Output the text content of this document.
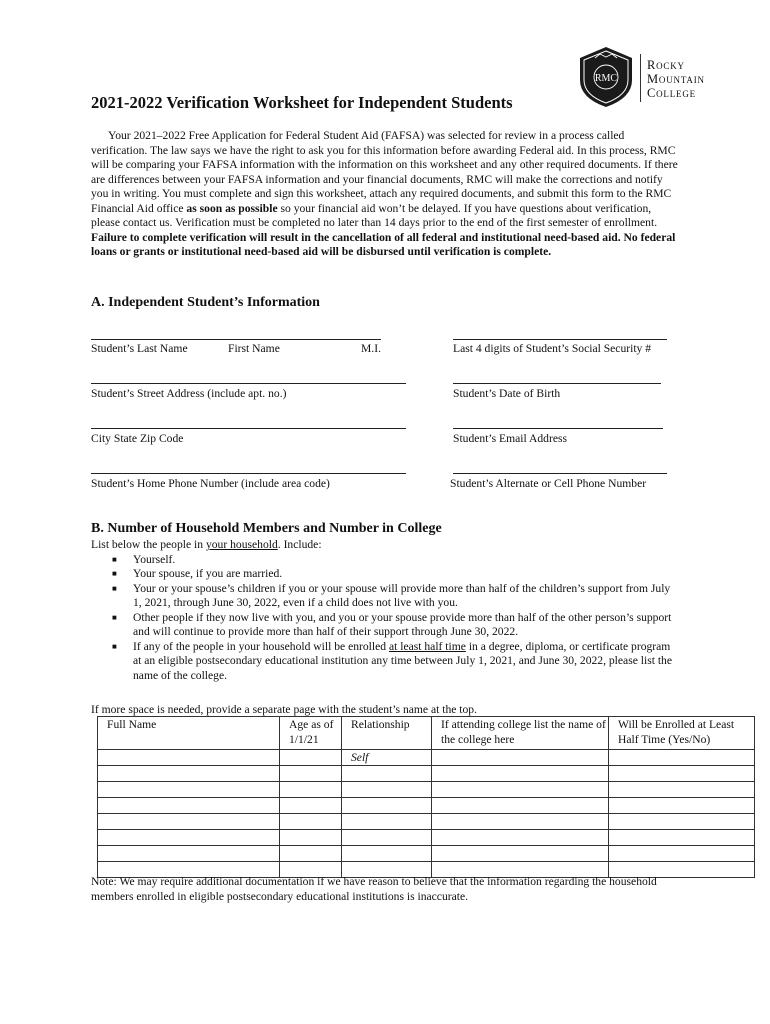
RMC
Rocky
Mountain
College
2021-2022 Verification Worksheet for Independent Students
Your 2021–2022 Free Application for Federal Student Aid (FAFSA) was selected for review in a process called verification. The law says we have the right to ask you for this information before awarding Federal aid. In this process, RMC will be comparing your FAFSA information with the information on this worksheet and any other required documents. If there are differences between your FAFSA information and your financial documents, RMC will make the corrections and notify you in writing. You must complete and sign this worksheet, attach any required documents, and submit this form to the RMC Financial Aid office as soon as possible so your financial aid won’t be delayed. If you have questions about verification, please contact us. Verification must be completed no later than 14 days prior to the end of the first semester of enrollment. Failure to complete verification will result in the cancellation of all federal and institutional need-based aid. No federal loans or grants or institutional need-based aid will be disbursed until verification is complete.
A. Independent Student’s Information
Student’s Last Name	First Name	M.I.	Last 4 digits of Student’s Social Security #
Student’s Street Address (include apt. no.)	Student’s Date of Birth
City State Zip Code	Student’s Email Address
Student’s Home Phone Number (include area code)	Student’s Alternate or Cell Phone Number
B. Number of Household Members and Number in College
List below the people in your household. Include:
■ Yourself.
■ Your spouse, if you are married.
■ Your or your spouse’s children if you or your spouse will provide more than half of the children’s support from July 1, 2021, through June 30, 2022, even if a child does not live with you.
■ Other people if they now live with you, and you or your spouse provide more than half of the other person’s support and will continue to provide more than half of their support through June 30, 2022.
■ If any of the people in your household will be enrolled at least half time in a degree, diploma, or certificate program at an eligible postsecondary educational institution any time between July 1, 2021, and June 30, 2022, please list the name of the college.
If more space is needed, provide a separate page with the student’s name at the top.
Full Name	Age as of 1/1/21	Relationship	If attending college list the name of the college here	Will be Enrolled at Least Half Time (Yes/No)
		Self		

Note: We may require additional documentation if we have reason to believe that the information regarding the household members enrolled in eligible postsecondary educational institutions is inaccurate.
